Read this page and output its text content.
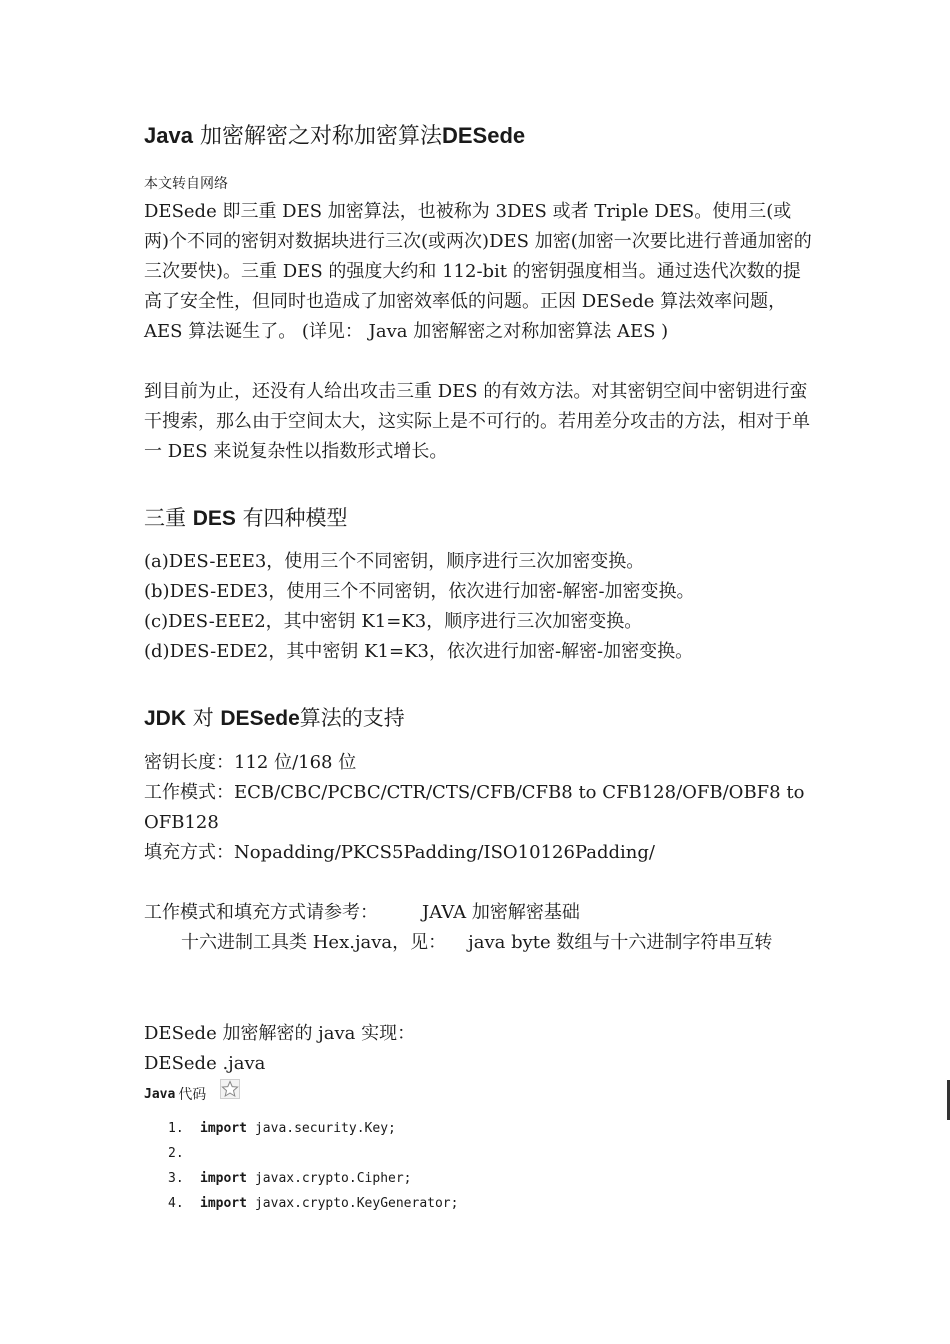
Java 加密解密之对称加密算法DESede
本文转自网络
DESede 即三重 DES 加密算法，也被称为 3DES 或者 Triple DES。使用三(或两)个不同的密钥对数据块进行三次(或两次)DES 加密(加密一次要比进行普通加密的三次要快)。三重 DES 的强度大约和 112-bit 的密钥强度相当。通过迭代次数的提高了安全性，但同时也造成了加密效率低的问题。正因 DESede 算法效率问题，AES 算法诞生了。 (详见： Java 加密解密之对称加密算法 AES )
到目前为止，还没有人给出攻击三重 DES 的有效方法。对其密钥空间中密钥进行蛮干搜索，那么由于空间太大，这实际上是不可行的。若用差分攻击的方法，相对于单一 DES 来说复杂性以指数形式增长。
三重 DES 有四种模型
(a)DES-EEE3，使用三个不同密钥，顺序进行三次加密变换。
(b)DES-EDE3，使用三个不同密钥，依次进行加密-解密-加密变换。
(c)DES-EEE2，其中密钥 K1=K3，顺序进行三次加密变换。
(d)DES-EDE2，其中密钥 K1=K3，依次进行加密-解密-加密变换。
JDK 对 DESede算法的支持
密钥长度：112 位/168 位
工作模式：ECB/CBC/PCBC/CTR/CTS/CFB/CFB8 to CFB128/OFB/OBF8 to
OFB128
填充方式：Nopadding/PKCS5Padding/ISO10126Padding/
工作模式和填充方式请参考： JAVA 加密解密基础
十六进制工具类 Hex.java，见： java byte 数组与十六进制字符串互转
DESede 加密解密的 java 实现：
DESede .java
Java 代码
1. import java.security.Key;
2.
3. import javax.crypto.Cipher;
4. import javax.crypto.KeyGenerator;
